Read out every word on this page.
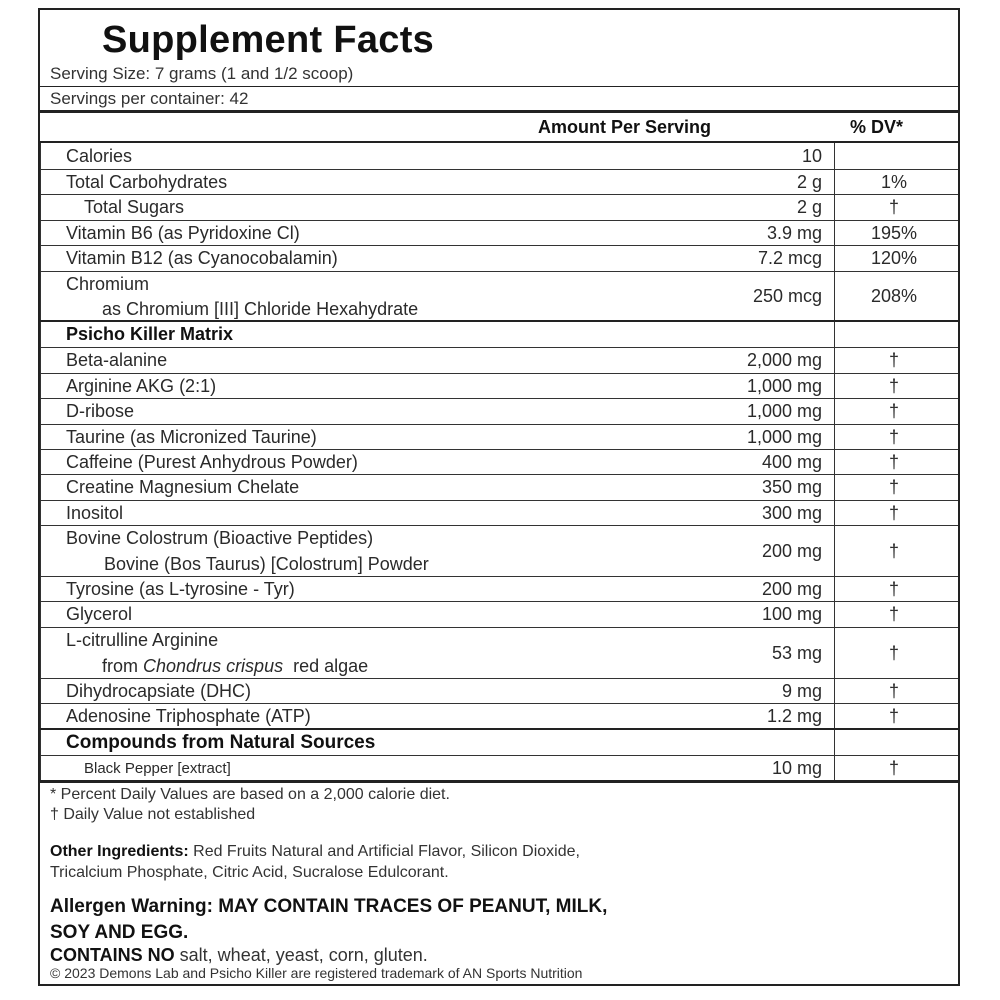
Supplement Facts
Serving Size: 7 grams (1 and 1/2 scoop)
Servings per container: 42
Amount Per Serving	% DV*
Calories	10
Total Carbohydrates	2 g	1%
Total Sugars	2 g	†
Vitamin B6 (as Pyridoxine Cl)	3.9 mg	195%
Vitamin B12 (as Cyanocobalamin)	7.2 mcg	120%
Chromium
as Chromium [III] Chloride Hexahydrate
250 mcg	208%
Psicho Killer Matrix
Beta-alanine	2,000 mg	†
Arginine AKG (2:1)	1,000 mg	†
D-ribose	1,000 mg	†
Taurine (as Micronized Taurine)	1,000 mg	†
Caffeine (Purest Anhydrous Powder)	400 mg	†
Creatine Magnesium Chelate	350 mg	†
Inositol	300 mg	†
Bovine Colostrum (Bioactive Peptides)
Bovine (Bos Taurus) [Colostrum] Powder
200 mg	†
Tyrosine (as L-tyrosine - Tyr)	200 mg	†
Glycerol	100 mg	†
L-citrulline Arginine
from Chondrus crispus  red algae
53 mg	†
Dihydrocapsiate (DHC)	9 mg	†
Adenosine Triphosphate (ATP)	1.2 mg	†
Compounds from Natural Sources
Black Pepper [extract]	10 mg	†
* Percent Daily Values are based on a 2,000 calorie diet.
† Daily Value not established
Other Ingredients: Red Fruits Natural and Artificial Flavor, Silicon Dioxide,
Tricalcium Phosphate, Citric Acid, Sucralose Edulcorant.
Allergen Warning: MAY CONTAIN TRACES OF PEANUT, MILK,
SOY AND EGG.
CONTAINS NO salt, wheat, yeast, corn, gluten.
© 2023 Demons Lab and Psicho Killer are registered trademark of AN Sports Nutrition
